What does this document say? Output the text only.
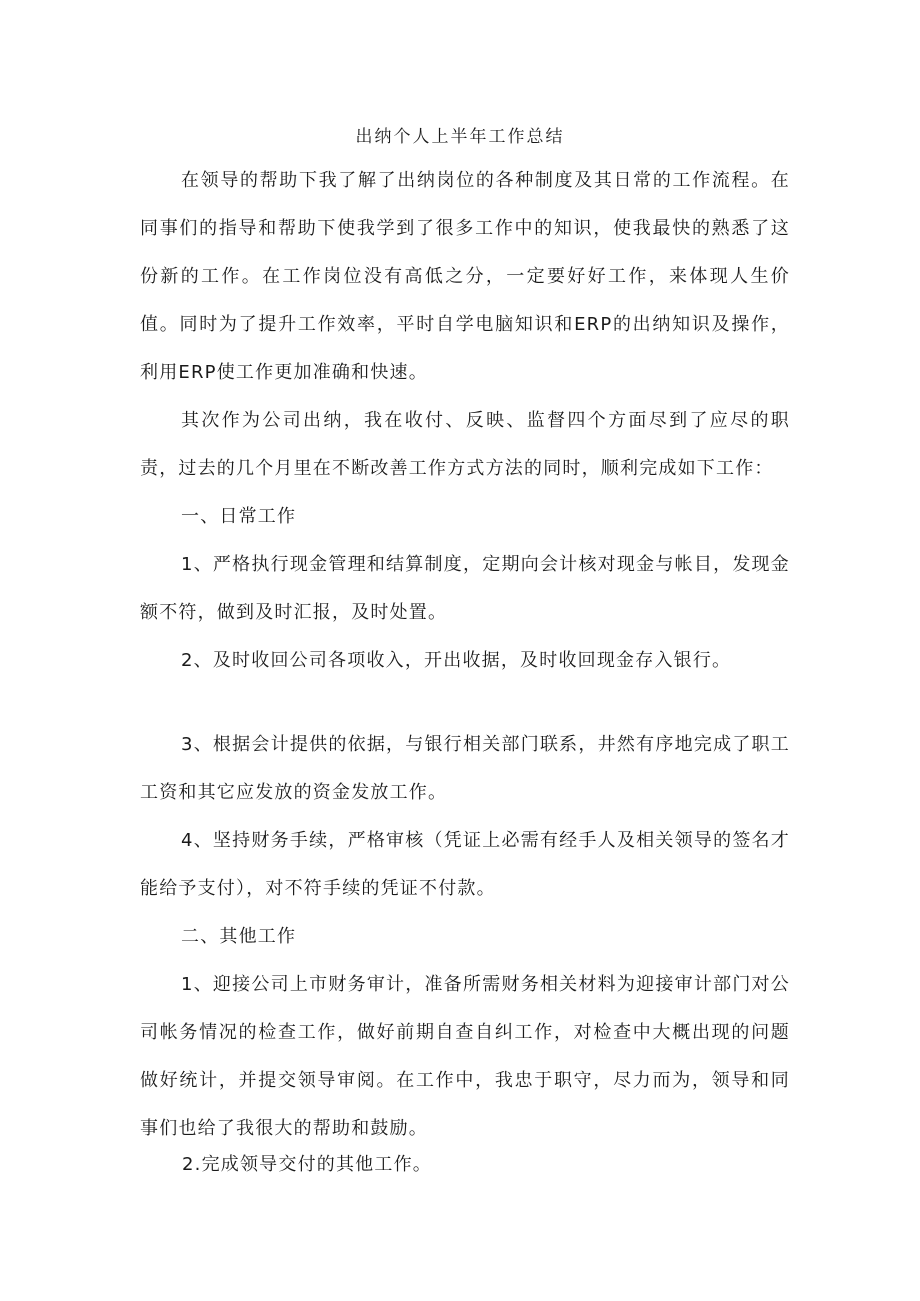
出纳个人上半年工作总结

在领导的帮助下我了解了出纳岗位的各种制度及其日常的工作流程。在同事们的指导和帮助下使我学到了很多工作中的知识，使我最快的熟悉了这份新的工作。在工作岗位没有高低之分，一定要好好工作，来体现人生价值。同时为了提升工作效率，平时自学电脑知识和ERP的出纳知识及操作，利用ERP使工作更加准确和快速。

其次作为公司出纳，我在收付、反映、监督四个方面尽到了应尽的职责，过去的几个月里在不断改善工作方式方法的同时，顺利完成如下工作：

一、日常工作

1、严格执行现金管理和结算制度，定期向会计核对现金与帐目，发现金额不符，做到及时汇报，及时处置。

2、及时收回公司各项收入，开出收据，及时收回现金存入银行。

3、根据会计提供的依据，与银行相关部门联系，井然有序地完成了职工工资和其它应发放的资金发放工作。

4、坚持财务手续，严格审核（凭证上必需有经手人及相关领导的签名才能给予支付），对不符手续的凭证不付款。

二、其他工作

1、迎接公司上市财务审计，准备所需财务相关材料为迎接审计部门对公司帐务情况的检查工作，做好前期自查自纠工作，对检查中大概出现的问题做好统计，并提交领导审阅。在工作中，我忠于职守，尽力而为，领导和同事们也给了我很大的帮助和鼓励。

2.完成领导交付的其他工作。
